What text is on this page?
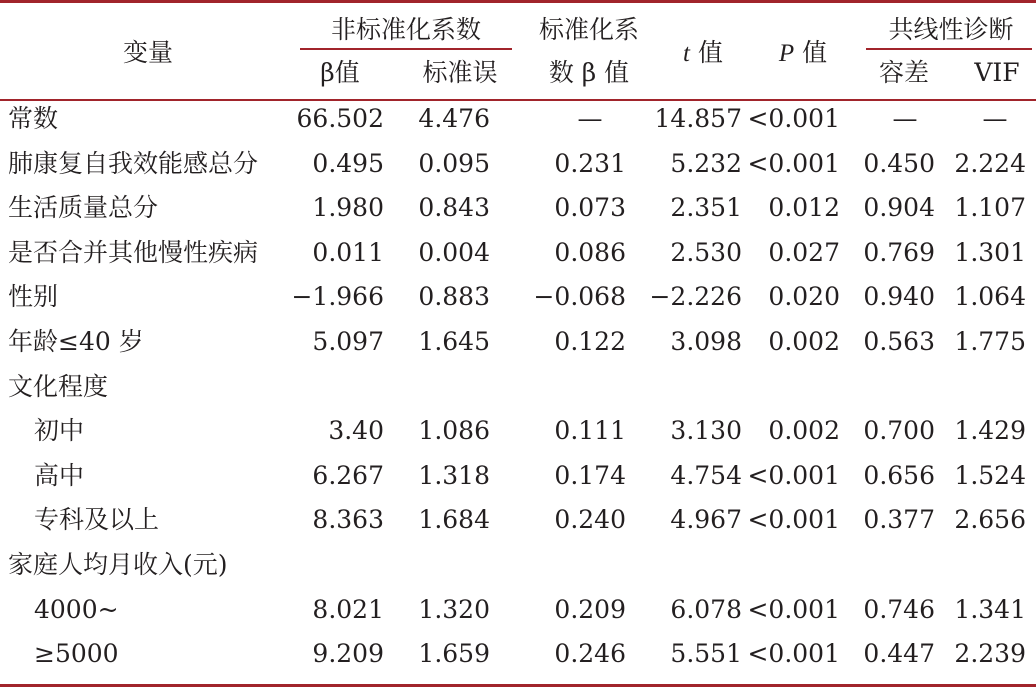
变量
非标准化系数
β值	标准误
标准化系
数 β 值
t 值 P 值
共线性诊断
容差 VIF
常数	66.502 4.476	— 14.857 <0.001 —	—
肺康复自我效能感总分 0.495 0.095	0.231 5.232 <0.001 0.450 2.224
生活质量总分	1.980 0.843	0.073 2.351 0.012 0.904 1.107
是否合并其他慢性疾病 0.011 0.004	0.086 2.530 0.027 0.769 1.301
性别	−1.966 0.883 −0.068 −2.226 0.020 0.940 1.064
年龄≤40 岁	5.097 1.645	0.122 3.098 0.002 0.563 1.775
文化程度
初中	3.40 1.086	0.111 3.130 0.002 0.700 1.429
高中	6.267 1.318	0.174 4.754 <0.001 0.656 1.524
专科及以上	8.363 1.684	0.240 4.967 <0.001 0.377 2.656
家庭人均月收入(元)
4000~	8.021 1.320	0.209 6.078 <0.001 0.746 1.341
≥5000	9.209 1.659	0.246 5.551 <0.001 0.447 2.239
